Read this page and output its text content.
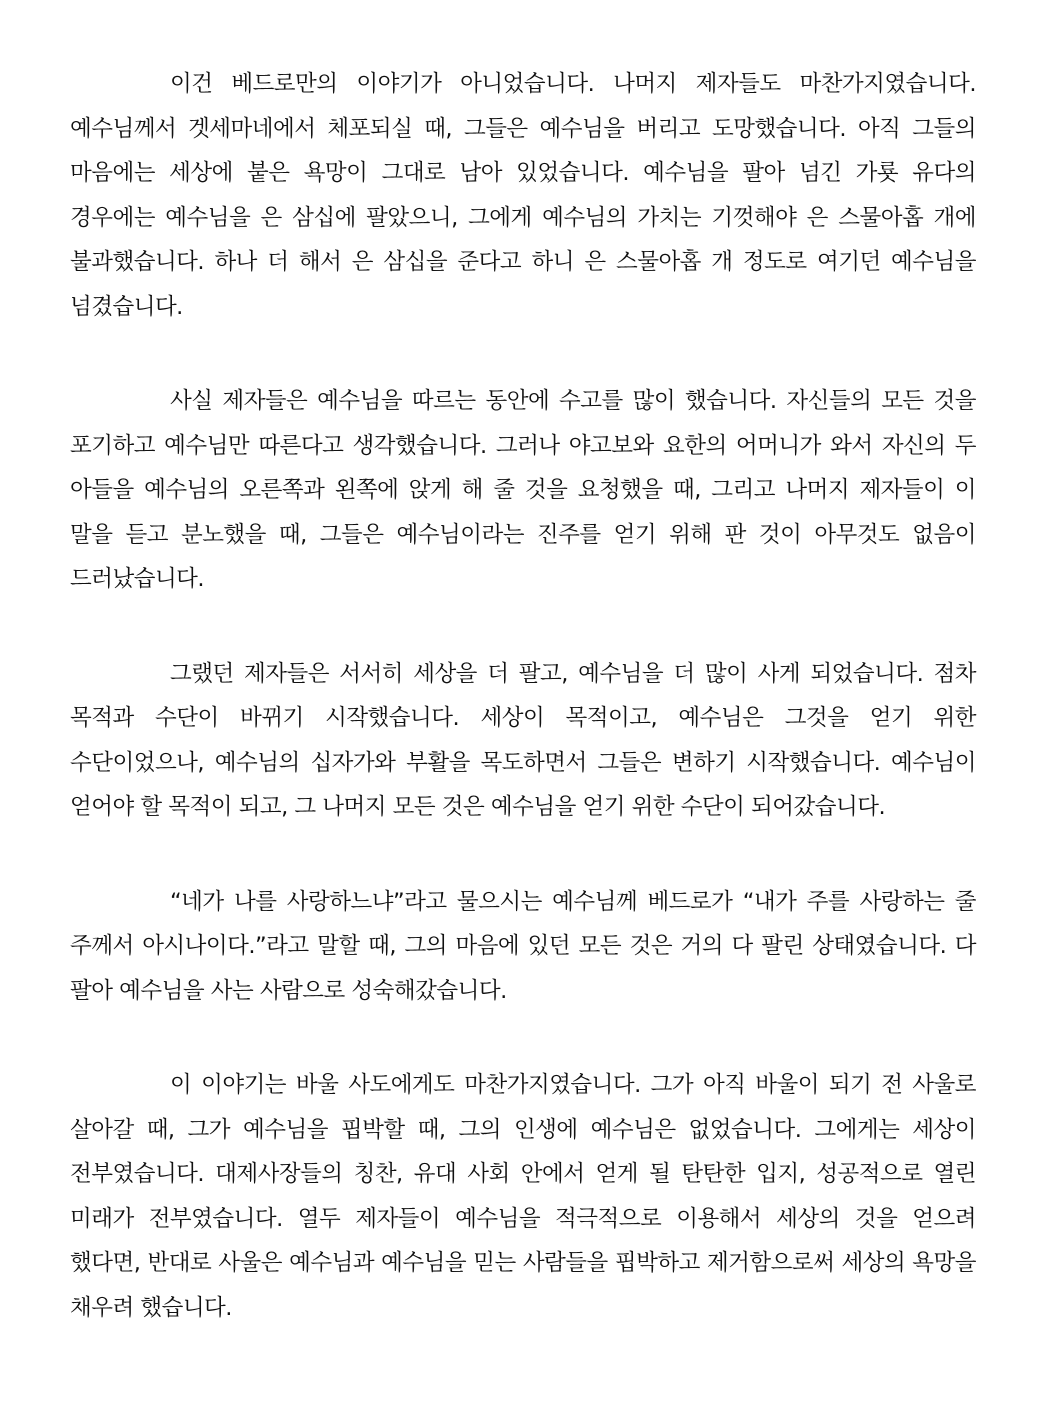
이건 베드로만의 이야기가 아니었습니다. 나머지 제자들도 마찬가지였습니다. 예수님께서 겟세마네에서 체포되실 때, 그들은 예수님을 버리고 도망했습니다. 아직 그들의 마음에는 세상에 붙은 욕망이 그대로 남아 있었습니다. 예수님을 팔아 넘긴 가룟 유다의 경우에는 예수님을 은 삼십에 팔았으니, 그에게 예수님의 가치는 기껏해야 은 스물아홉 개에 불과했습니다. 하나 더 해서 은 삼십을 준다고 하니 은 스물아홉 개 정도로 여기던 예수님을 넘겼습니다.

사실 제자들은 예수님을 따르는 동안에 수고를 많이 했습니다. 자신들의 모든 것을 포기하고 예수님만 따른다고 생각했습니다. 그러나 야고보와 요한의 어머니가 와서 자신의 두 아들을 예수님의 오른쪽과 왼쪽에 앉게 해 줄 것을 요청했을 때, 그리고 나머지 제자들이 이 말을 듣고 분노했을 때, 그들은 예수님이라는 진주를 얻기 위해 판 것이 아무것도 없음이 드러났습니다.

그랬던 제자들은 서서히 세상을 더 팔고, 예수님을 더 많이 사게 되었습니다. 점차 목적과 수단이 바뀌기 시작했습니다. 세상이 목적이고, 예수님은 그것을 얻기 위한 수단이었으나, 예수님의 십자가와 부활을 목도하면서 그들은 변하기 시작했습니다. 예수님이 얻어야 할 목적이 되고, 그 나머지 모든 것은 예수님을 얻기 위한 수단이 되어갔습니다.

“네가 나를 사랑하느냐”라고 물으시는 예수님께 베드로가 “내가 주를 사랑하는 줄 주께서 아시나이다.”라고 말할 때, 그의 마음에 있던 모든 것은 거의 다 팔린 상태였습니다. 다 팔아 예수님을 사는 사람으로 성숙해갔습니다.

이 이야기는 바울 사도에게도 마찬가지였습니다. 그가 아직 바울이 되기 전 사울로 살아갈 때, 그가 예수님을 핍박할 때, 그의 인생에 예수님은 없었습니다. 그에게는 세상이 전부였습니다. 대제사장들의 칭찬, 유대 사회 안에서 얻게 될 탄탄한 입지, 성공적으로 열린 미래가 전부였습니다. 열두 제자들이 예수님을 적극적으로 이용해서 세상의 것을 얻으려 했다면, 반대로 사울은 예수님과 예수님을 믿는 사람들을 핍박하고 제거함으로써 세상의 욕망을 채우려 했습니다.
